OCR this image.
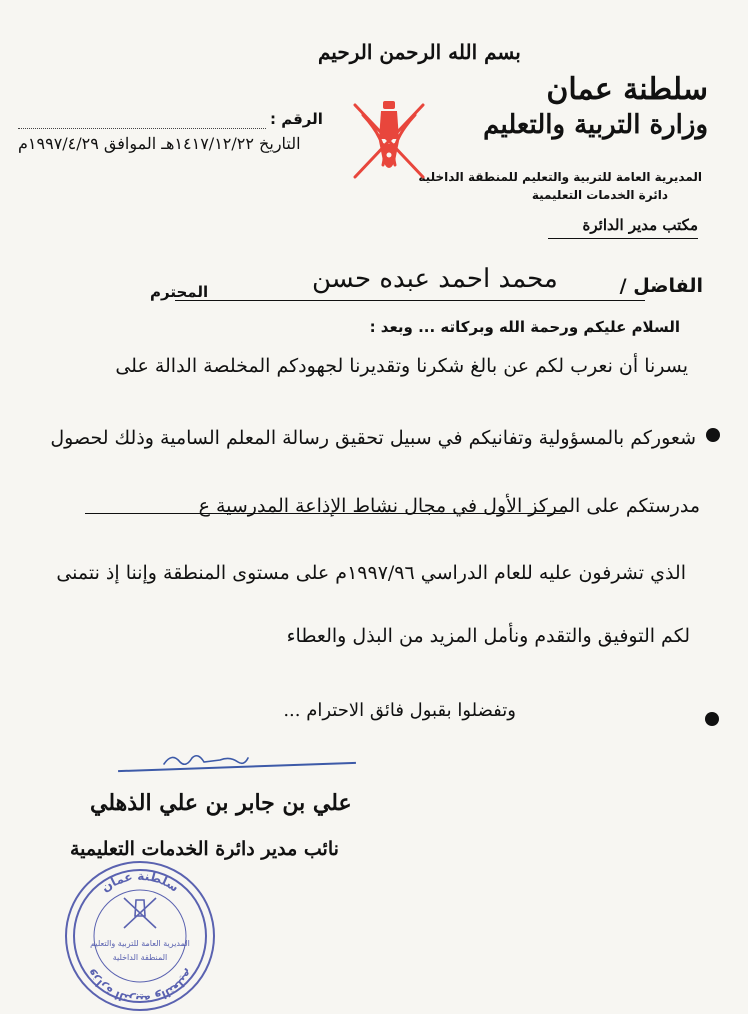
بسم الله الرحمن الرحيم
سلطنة عمان
وزارة التربية والتعليم
المديرية العامة للتربية والتعليم للمنطقة الداخلية
دائرة الخدمات التعليمية
مكتب مدير الدائرة
الرقم :
التاريخ ١٤١٧/١٢/٢٢هـ الموافق ١٩٩٧/٤/٢٩م
الفاضل /
محمد احمد عبده حسن
المحترم
السلام عليكم ورحمة الله وبركاته ... وبعد :
يسرنا أن نعرب لكم عن بالغ شكرنا وتقديرنا لجهودكم المخلصة الدالة على
شعوركم بالمسؤولية وتفانيكم في سبيل تحقيق رسالة المعلم السامية وذلك لحصول
مدرستكم على المركز الأول في مجال نشاط الإذاعة المدرسية ع
الذي تشرفون عليه للعام الدراسي ١٩٩٧/٩٦م على مستوى المنطقة وإننا إذ نتمنى
لكم التوفيق والتقدم ونأمل المزيد من البذل والعطاء
وتفضلوا بقبول فائق الاحترام ...
علي بن جابر بن علي الذهلي
نائب مدير دائرة الخدمات التعليمية
سلطنة عمان
وزارة التربية والتعليم
المديرية العامة للتربية والتعليم
المنطقة الداخلية
